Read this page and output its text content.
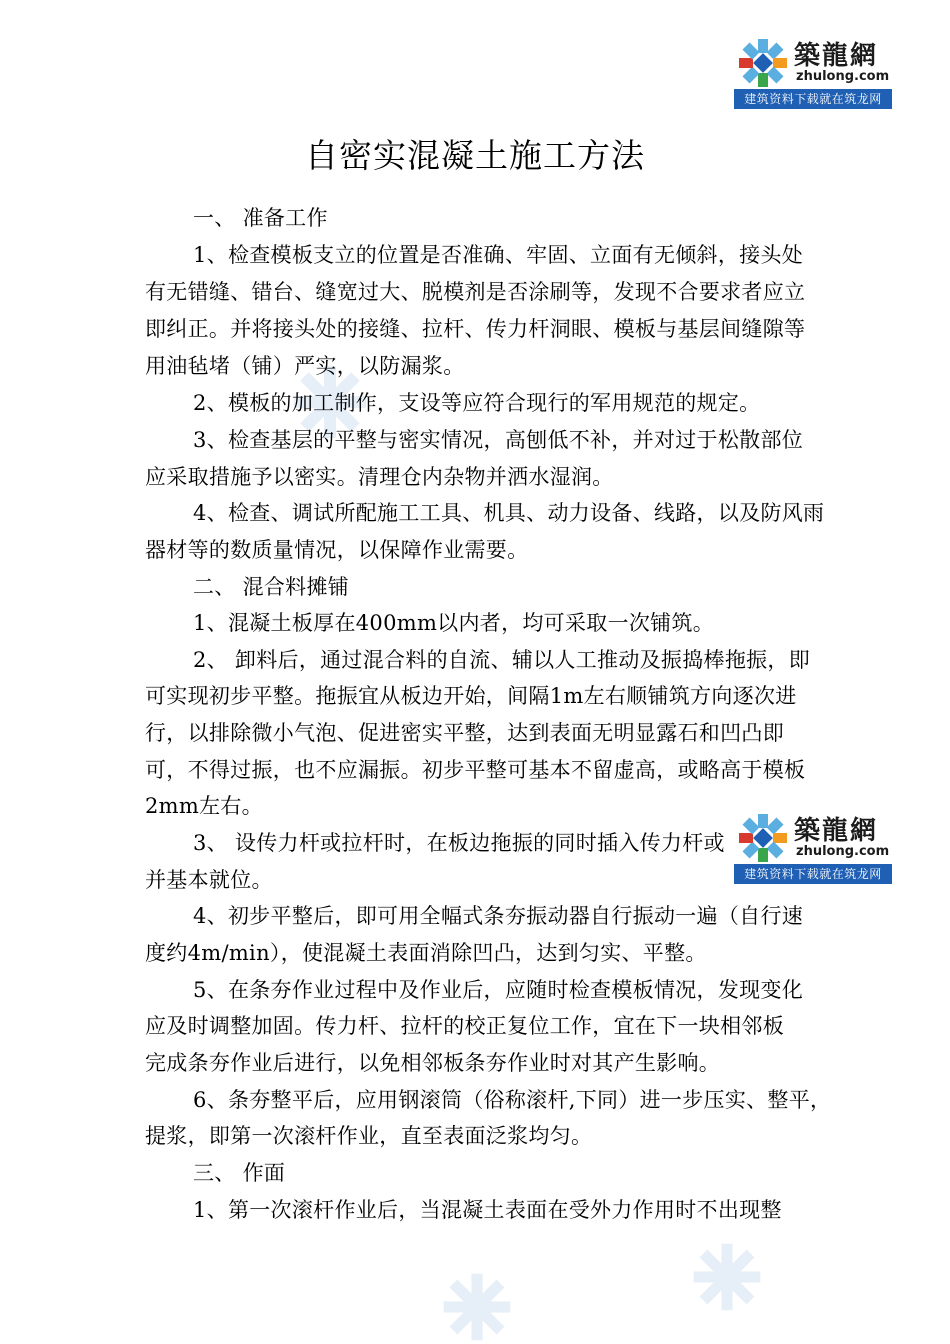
築龍網
zhulong.com
建筑资料下载就在筑龙网
自密实混凝土施工方法
一、 准备工作
1、检查模板支立的位置是否准确、牢固、立面有无倾斜，接头处
有无错缝、错台、缝宽过大、脱模剂是否涂刷等，发现不合要求者应立
即纠正。并将接头处的接缝、拉杆、传力杆洞眼、模板与基层间缝隙等
用油毡堵（铺）严实，以防漏浆。
2、模板的加工制作，支设等应符合现行的军用规范的规定。
3、检查基层的平整与密实情况，高刨低不补，并对过于松散部位
应采取措施予以密实。清理仓内杂物并洒水湿润。
4、检查、调试所配施工工具、机具、动力设备、线路，以及防风雨
器材等的数质量情况，以保障作业需要。
二、 混合料摊铺
1、混凝土板厚在400mm以内者，均可采取一次铺筑。
2、 卸料后，通过混合料的自流、辅以人工推动及振捣棒拖振，即
可实现初步平整。拖振宜从板边开始，间隔1m左右顺铺筑方向逐次进
行，以排除微小气泡、促进密实平整，达到表面无明显露石和凹凸即
可，不得过振，也不应漏振。初步平整可基本不留虚高，或略高于模板
2mm左右。
3、 设传力杆或拉杆时，在板边拖振的同时插入传力杆或
并基本就位。
4、初步平整后，即可用全幅式条夯振动器自行振动一遍（自行速
度约4m/min），使混凝土表面消除凹凸，达到匀实、平整。
5、在条夯作业过程中及作业后，应随时检查模板情况，发现变化
应及时调整加固。传力杆、拉杆的校正复位工作，宜在下一块相邻板
完成条夯作业后进行，以免相邻板条夯作业时对其产生影响。
6、条夯整平后，应用钢滚筒（俗称滚杆,下同）进一步压实、整平，
提浆，即第一次滚杆作业，直至表面泛浆均匀。
三、 作面
1、第一次滚杆作业后，当混凝土表面在受外力作用时不出现整
築龍網
zhulong.com
建筑资料下载就在筑龙网
